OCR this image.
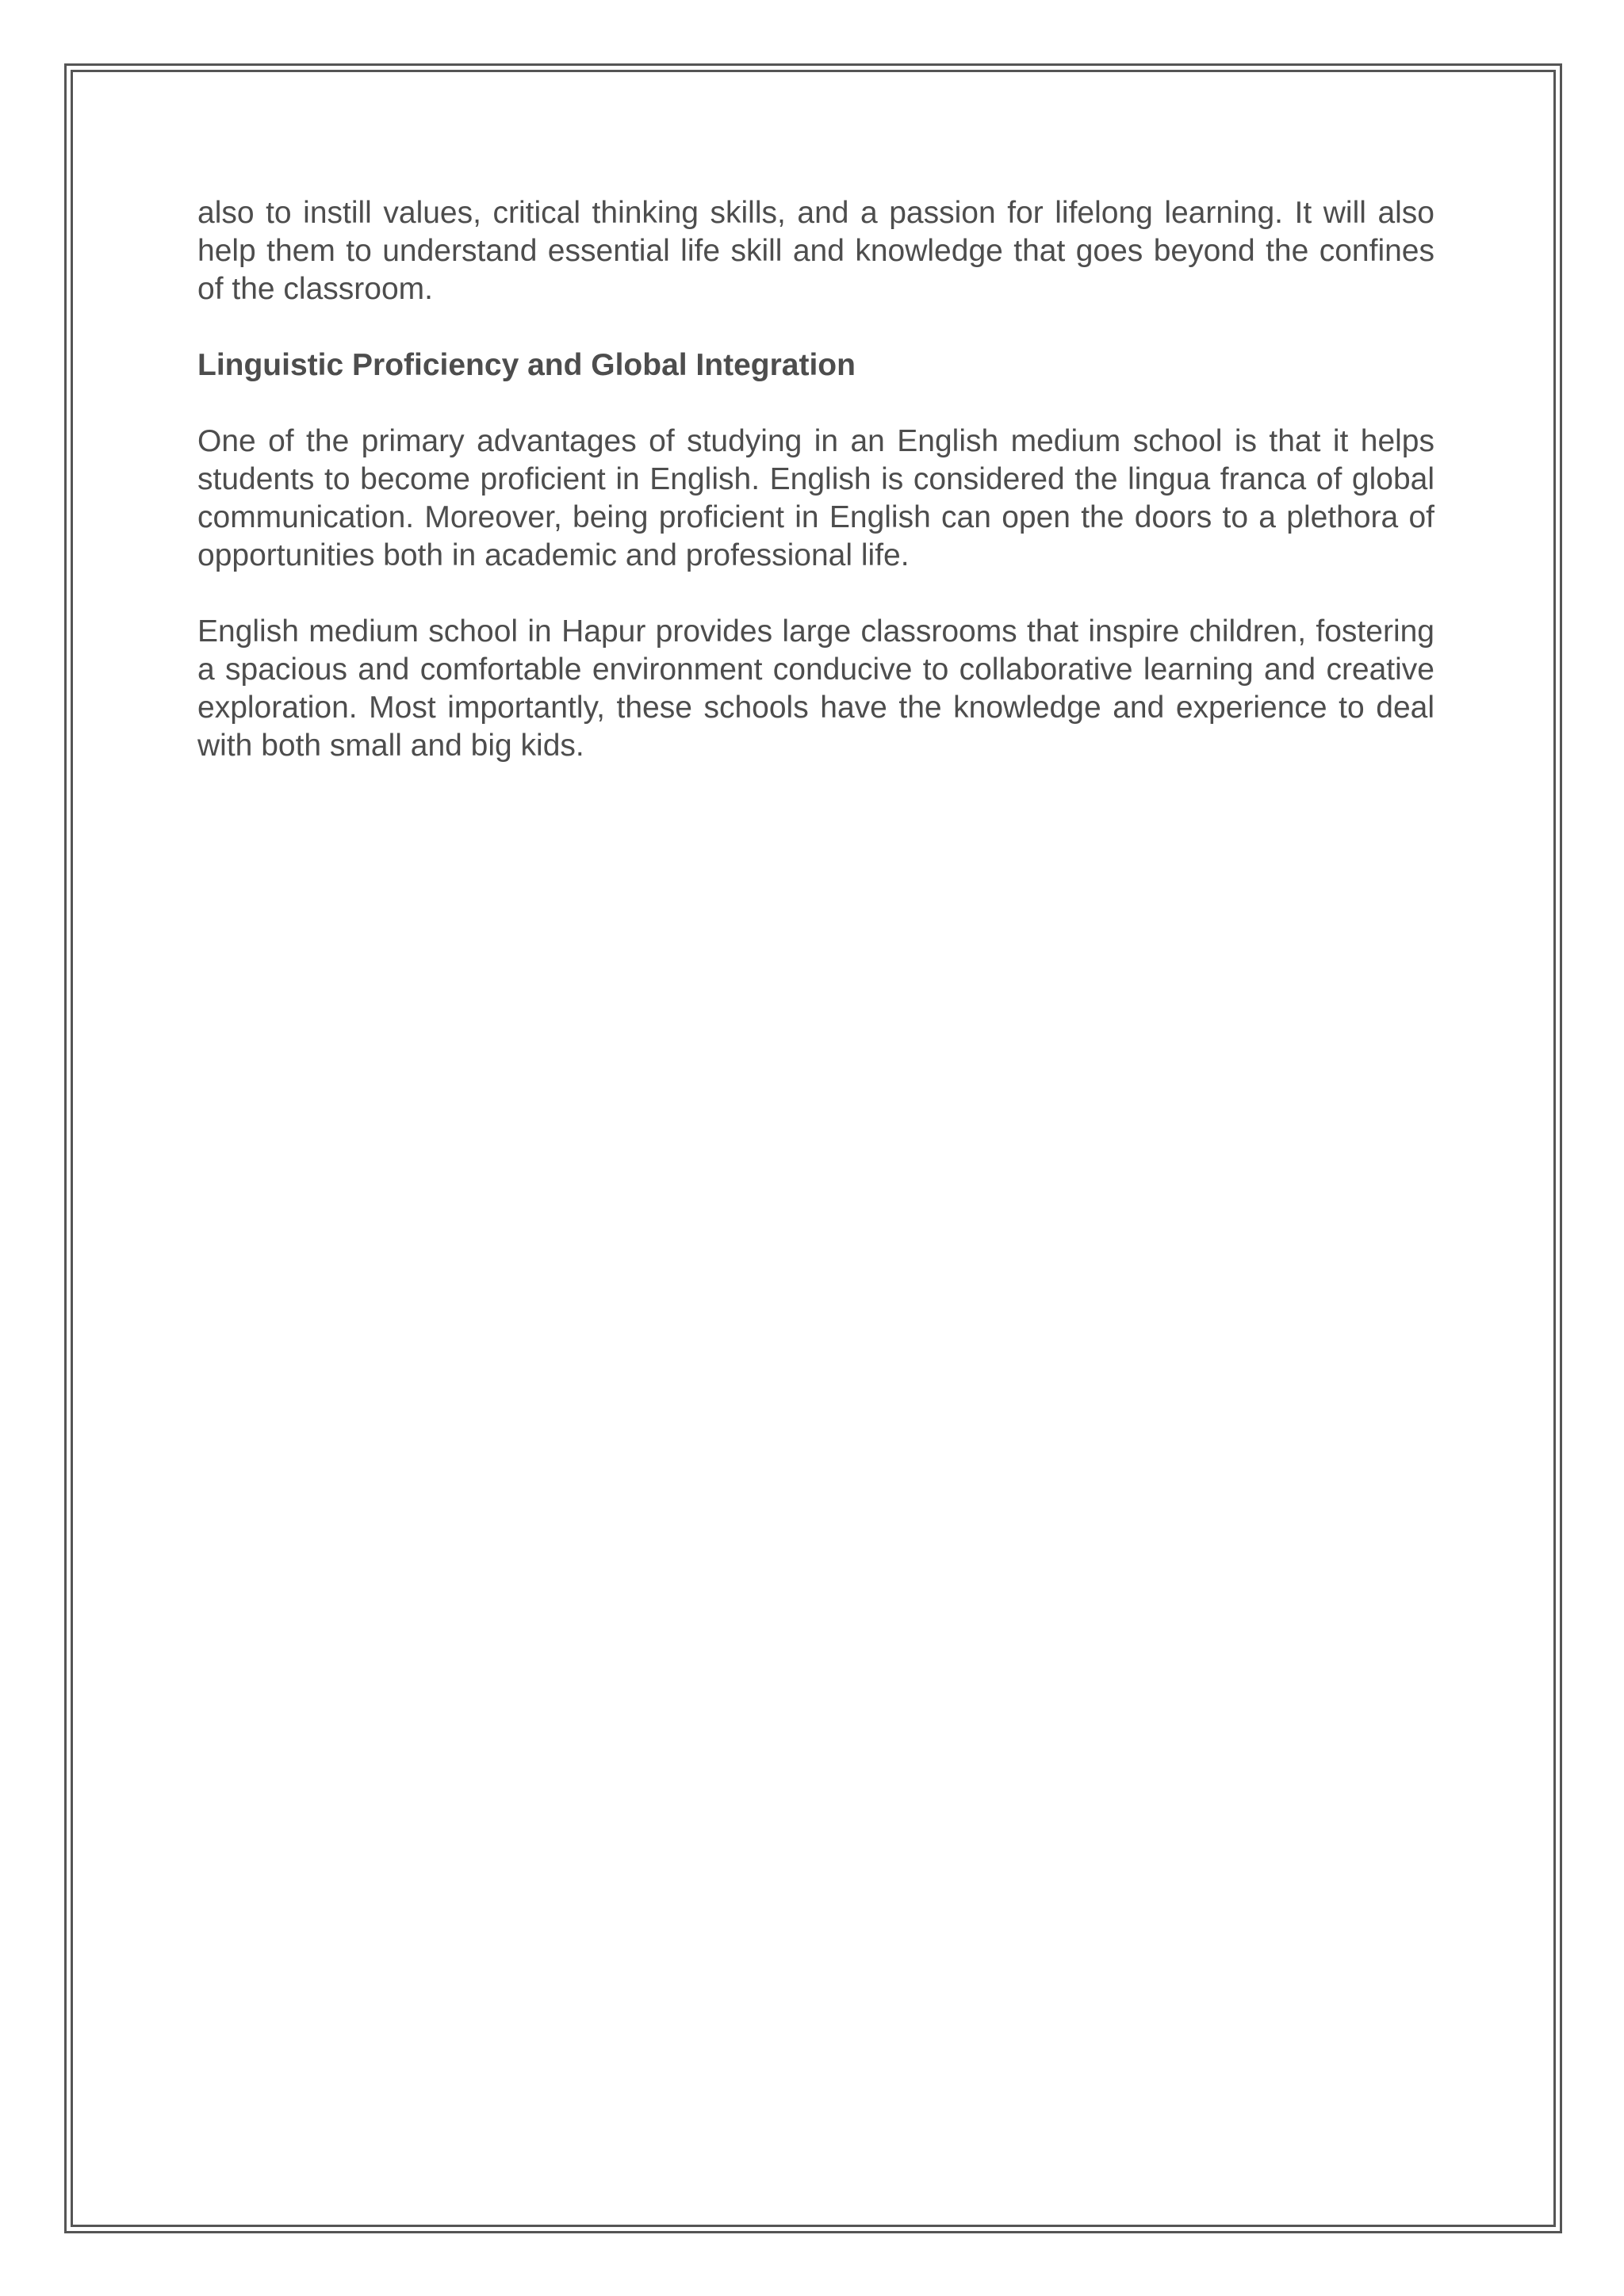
also to instill values, critical thinking skills, and a passion for lifelong learning. It will also help them to understand essential life skill and knowledge that goes beyond the confines of the classroom.

Linguistic Proficiency and Global Integration

One of the primary advantages of studying in an English medium school is that it helps students to become proficient in English. English is considered the lingua franca of global communication. Moreover, being proficient in English can open the doors to a plethora of opportunities both in academic and professional life.

English medium school in Hapur provides large classrooms that inspire children, fostering a spacious and comfortable environment conducive to collaborative learning and creative exploration. Most importantly, these schools have the knowledge and experience to deal with both small and big kids.
